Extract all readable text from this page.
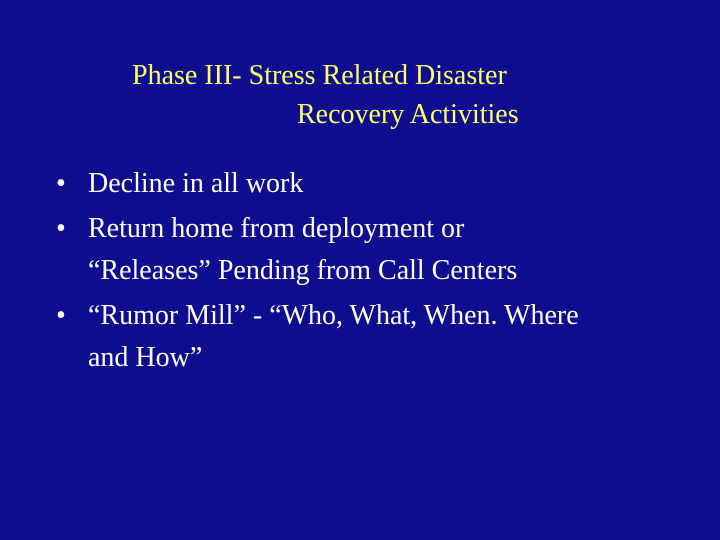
Phase III- Stress Related Disaster
Recovery Activities
• Decline in all work
• Return home from deployment or
“Releases” Pending from Call Centers
• “Rumor Mill” - “Who, What, When. Where
and How”
